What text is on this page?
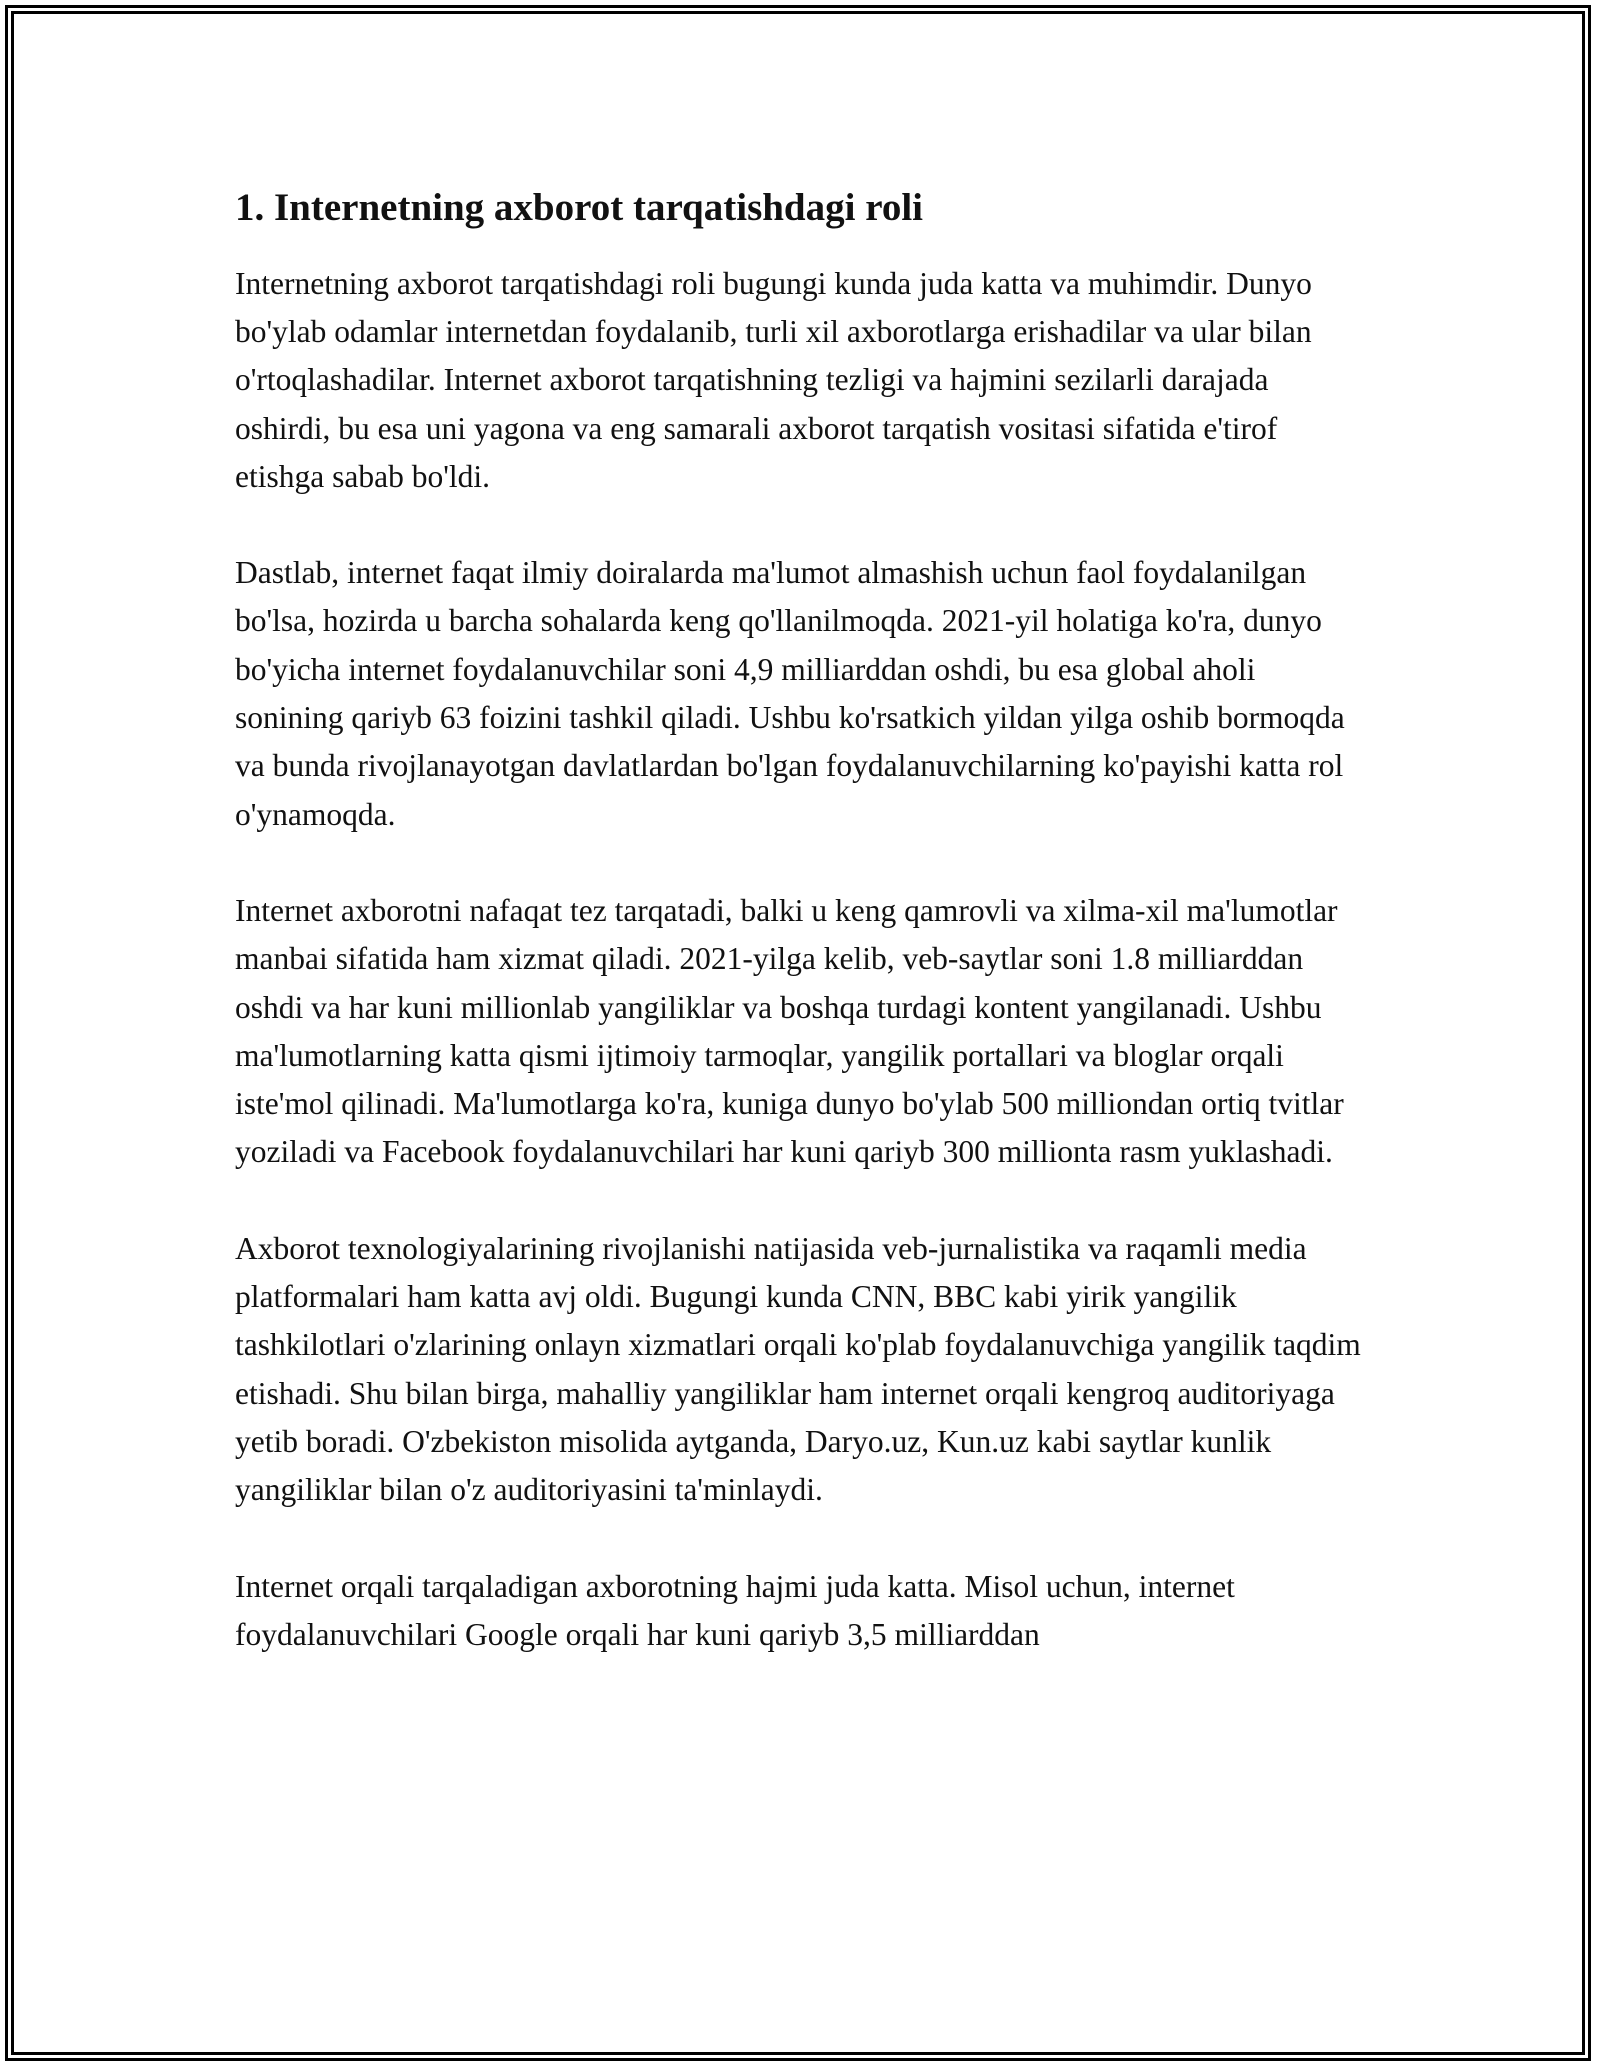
1. Internetning axborot tarqatishdagi roli

Internetning axborot tarqatishdagi roli bugungi kunda juda katta va muhimdir. Dunyo bo'ylab odamlar internetdan foydalanib, turli xil axborotlarga erishadilar va ular bilan o'rtoqlashadilar. Internet axborot tarqatishning tezligi va hajmini sezilarli darajada oshirdi, bu esa uni yagona va eng samarali axborot tarqatish vositasi sifatida e'tirof etishga sabab bo'ldi.

Dastlab, internet faqat ilmiy doiralarda ma'lumot almashish uchun faol foydalanilgan bo'lsa, hozirda u barcha sohalarda keng qo'llanilmoqda. 2021-yil holatiga ko'ra, dunyo bo'yicha internet foydalanuvchilar soni 4,9 milliarddan oshdi, bu esa global aholi sonining qariyb 63 foizini tashkil qiladi. Ushbu ko'rsatkich yildan yilga oshib bormoqda va bunda rivojlanayotgan davlatlardan bo'lgan foydalanuvchilarning ko'payishi katta rol o'ynamoqda.

Internet axborotni nafaqat tez tarqatadi, balki u keng qamrovli va xilma-xil ma'lumotlar manbai sifatida ham xizmat qiladi. 2021-yilga kelib, veb-saytlar soni 1.8 milliarddan oshdi va har kuni millionlab yangiliklar va boshqa turdagi kontent yangilanadi. Ushbu ma'lumotlarning katta qismi ijtimoiy tarmoqlar, yangilik portallari va bloglar orqali iste'mol qilinadi. Ma'lumotlarga ko'ra, kuniga dunyo bo'ylab 500 milliondan ortiq tvitlar yoziladi va Facebook foydalanuvchilari har kuni qariyb 300 millionta rasm yuklashadi.

Axborot texnologiyalarining rivojlanishi natijasida veb-jurnalistika va raqamli media platformalari ham katta avj oldi. Bugungi kunda CNN, BBC kabi yirik yangilik tashkilotlari o'zlarining onlayn xizmatlari orqali ko'plab foydalanuvchiga yangilik taqdim etishadi. Shu bilan birga, mahalliy yangiliklar ham internet orqali kengroq auditoriyaga yetib boradi. O'zbekiston misolida aytganda, Daryo.uz, Kun.uz kabi saytlar kunlik yangiliklar bilan o'z auditoriyasini ta'minlaydi.

Internet orqali tarqaladigan axborotning hajmi juda katta. Misol uchun, internet foydalanuvchilari Google orqali har kuni qariyb 3,5 milliarddan
